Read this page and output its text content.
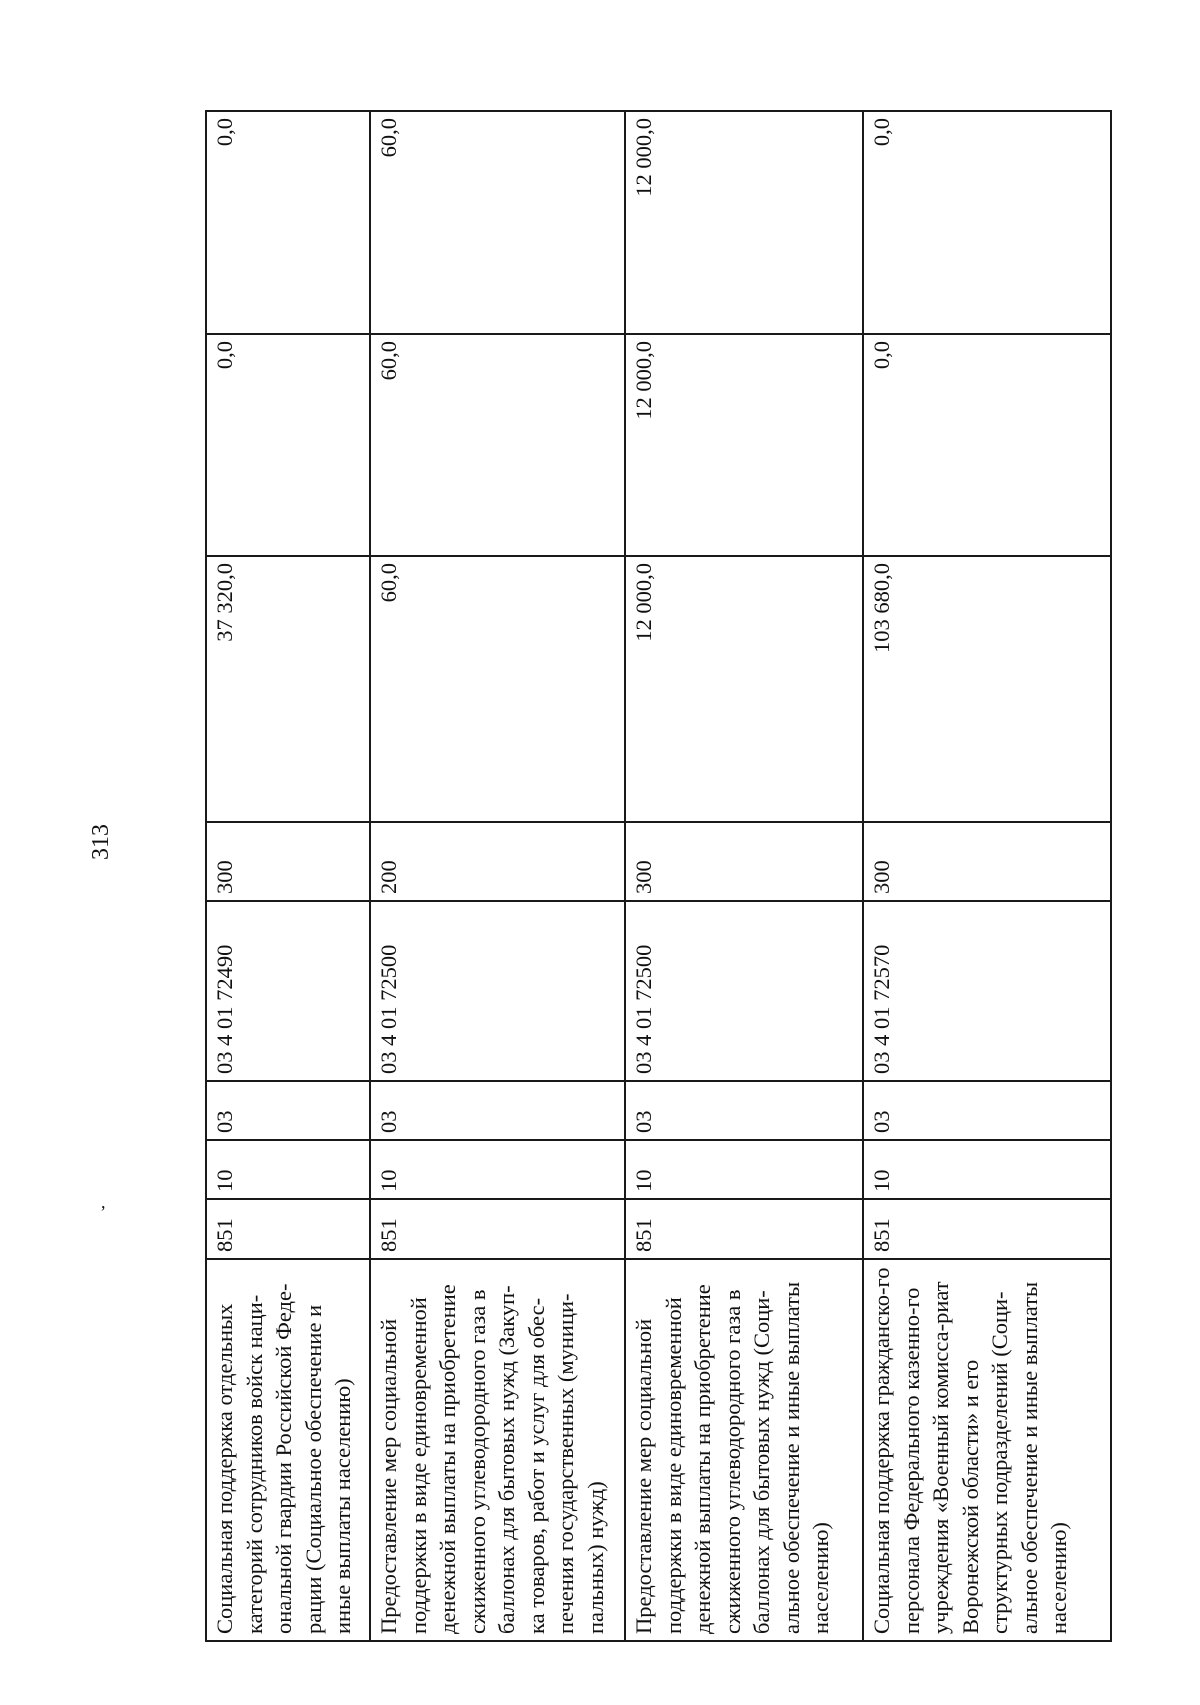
313
,
Социальная поддержка отдельных категорий сотрудников войск наци-ональной гвардии Российской Феде-рации (Социальное обеспечение и иные выплаты населению)	851	10	03	03 4 01 72490	300	37 320,0	0,0	0,0
Предоставление мер социальной поддержки в виде единовременной денежной выплаты на приобретение сжиженного углеводородного газа в баллонах для бытовых нужд (Закуп-ка товаров, работ и услуг для обес-печения государственных (муници-пальных) нужд)	851	10	03	03 4 01 72500	200	60,0	60,0	60,0
Предоставление мер социальной поддержки в виде единовременной денежной выплаты на приобретение сжиженного углеводородного газа в баллонах для бытовых нужд (Соци-альное обеспечение и иные выплаты населению)	851	10	03	03 4 01 72500	300	12 000,0	12 000,0	12 000,0
Социальная поддержка гражданско-го персонала Федерального казенно-го учреждения «Военный комисса-риат Воронежской области» и его структурных подразделений (Соци-альное обеспечение и иные выплаты населению)	851	10	03	03 4 01 72570	300	103 680,0	0,0	0,0
